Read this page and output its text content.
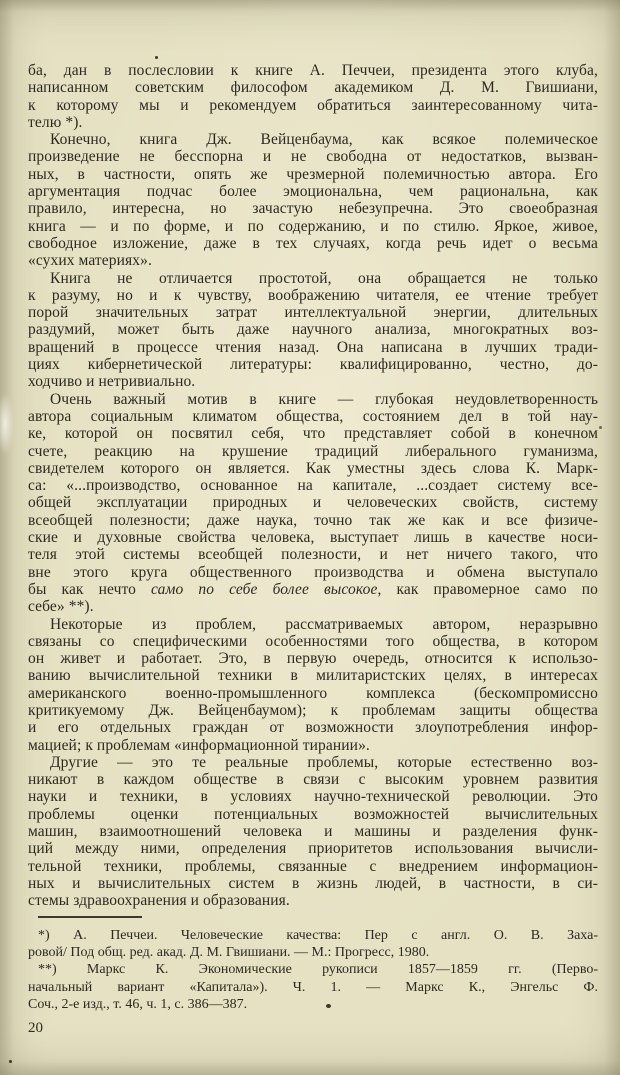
ба, дан в послесловии к книге А. Печчеи, президента этого клуба,
написанном советским философом академиком Д. М. Гвишиани,
к которому мы и рекомендуем обратиться заинтересованному чита-
телю *).
Конечно, книга Дж. Вейценбаума, как всякое полемическое
произведение не бесспорна и не свободна от недостатков, вызван-
ных, в частности, опять же чрезмерной полемичностью автора. Его
аргументация подчас более эмоциональна, чем рациональна, как
правило, интересна, но зачастую небезупречна. Это своеобразная
книга — и по форме, и по содержанию, и по стилю. Яркое, живое,
свободное изложение, даже в тех случаях, когда речь идет о весьма
«сухих материях».
Книга не отличается простотой, она обращается не только
к разуму, но и к чувству, воображению читателя, ее чтение требует
порой значительных затрат интеллектуальной энергии, длительных
раздумий, может быть даже научного анализа, многократных воз-
вращений в процессе чтения назад. Она написана в лучших тради-
циях кибернетической литературы: квалифицированно, честно, до-
ходчиво и нетривиально.
Очень важный мотив в книге — глубокая неудовлетворенность
автора социальным климатом общества, состоянием дел в той нау-
ке, которой он посвятил себя, что представляет собой в конечном
счете, реакцию на крушение традиций либерального гуманизма,
свидетелем которого он является. Как уместны здесь слова К. Марк-
са: «...производство, основанное на капитале, ...создает систему все-
общей эксплуатации природных и человеческих свойств, систему
всеобщей полезности; даже наука, точно так же как и все физиче-
ские и духовные свойства человека, выступает лишь в качестве носи-
теля этой системы всеобщей полезности, и нет ничего такого, что
вне этого круга общественного производства и обмена выступало
бы как нечто само по себе более высокое, как правомерное само по
себе» **).
Некоторые из проблем, рассматриваемых автором, неразрывно
связаны со специфическими особенностями того общества, в котором
он живет и работает. Это, в первую очередь, относится к использо-
ванию вычислительной техники в милитаристских целях, в интересах
американского военно-промышленного комплекса (бескомпромиссно
критикуемому Дж. Вейценбаумом); к проблемам защиты общества
и его отдельных граждан от возможности злоупотребления инфор-
мацией; к проблемам «информационной тирании».
Другие — это те реальные проблемы, которые естественно воз-
никают в каждом обществе в связи с высоким уровнем развития
науки и техники, в условиях научно-технической революции. Это
проблемы оценки потенциальных возможностей вычислительных
машин, взаимоотношений человека и машины и разделения функ-
ций между ними, определения приоритетов использования вычисли-
тельной техники, проблемы, связанные с внедрением информацион-
ных и вычислительных систем в жизнь людей, в частности, в си-
стемы здравоохранения и образования.
*) А. Печчеи. Человеческие качества: Пер с англ. О. В. Заха-
ровой/ Под общ. ред. акад. Д. М. Гвишиани. — М.: Прогресс, 1980.
**) Маркс К. Экономические рукописи 1857—1859 гг. (Перво-
начальный вариант «Капитала»). Ч. 1. — Маркс К., Энгельс Ф.
Соч., 2-е изд., т. 46, ч. 1, с. 386—387.
20
